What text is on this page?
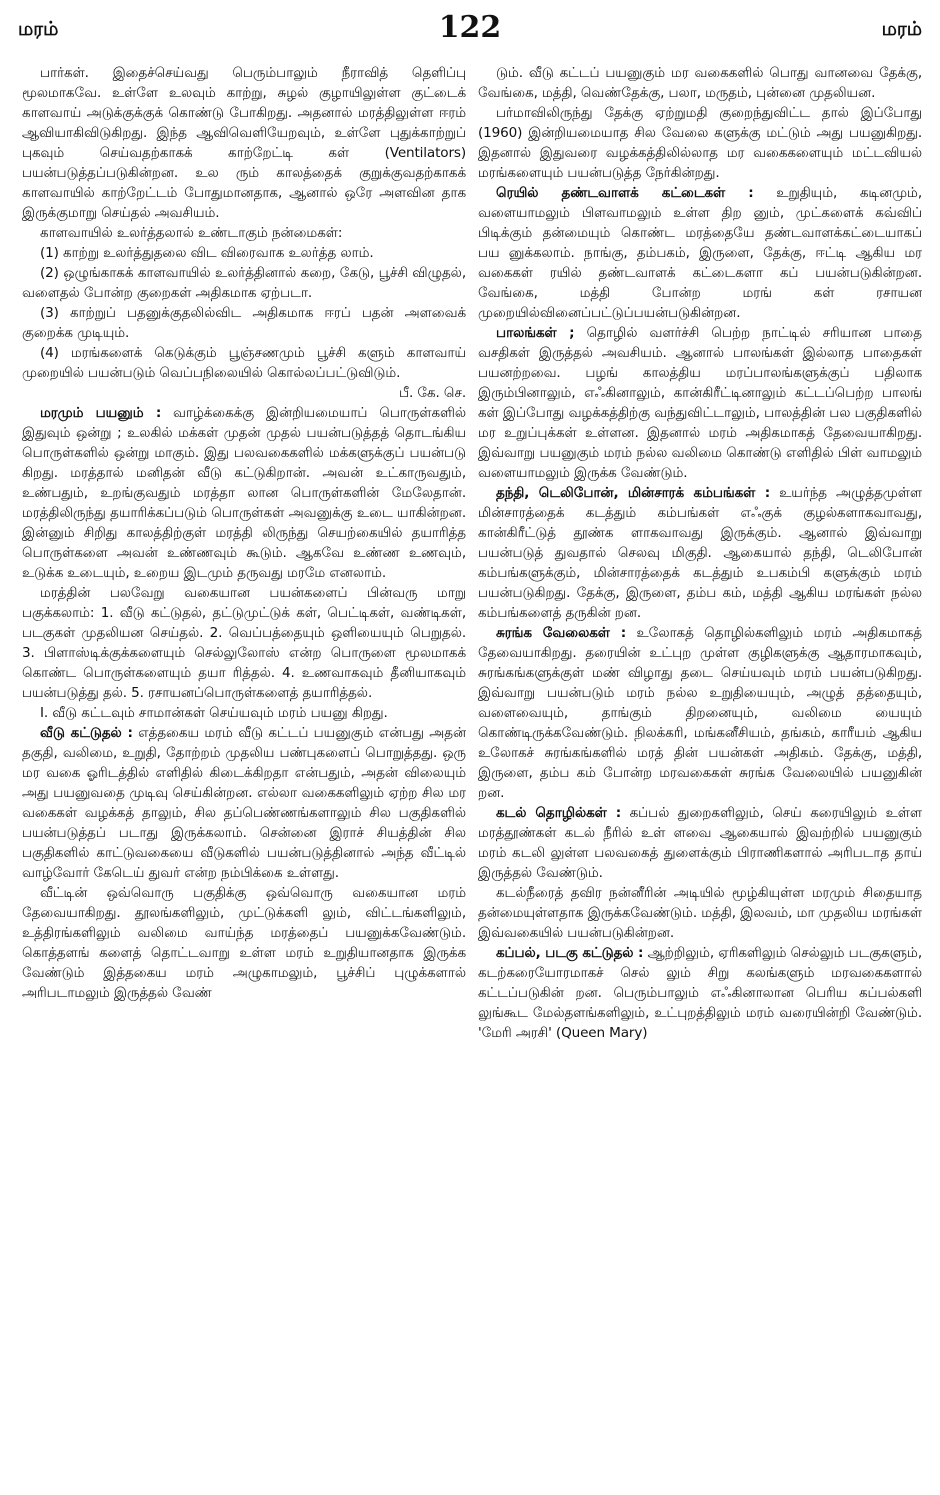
மரம்	122	மரம்

பார்கள். இதைச்செய்வது பெரும்பாலும் நீராவித் தெளிப்பு மூலமாகவே. உள்ளே உலவும் காற்று, சுழல் குழாயிலுள்ள குட்டைக் காளவாய் அடுக்குக்குக் கொண்டு போகிறது. அதனால் மரத்திலுள்ள ஈரம் ஆவியாகிவிடுகிறது. இந்த ஆவிவெளியேறவும், உள்ளே புதுக்காற்றுப் புகவும் செய்வதற்காகக் காற்றேட்டி கள் (Ventilators) பயன்படுத்தப்படுகின்றன. உல ரும் காலத்தைக் குறுக்குவதற்காகக் காளவாயில் காற்றேட்டம் போதுமானதாக, ஆனால் ஒரே அளவின தாக இருக்குமாறு செய்தல் அவசியம்.

காளவாயில் உலர்த்தலால் உண்டாகும் நன்மைகள்:

(1) காற்று உலர்த்துதலை விட விரைவாக உலர்த்த லாம்.

(2) ஒழுங்காகக் காளவாயில் உலர்த்தினால் கறை, கேடு, பூச்சி விழுதல், வளைதல் போன்ற குறைகள் அதிகமாக ஏற்படா.

(3) காற்றுப் பதனுக்குதலில்விட அதிகமாக ஈரப் பதன் அளவைக் குறைக்க முடியும்.

(4) மரங்களைக் கெடுக்கும் பூஞ்சணமும் பூச்சி களும் காளவாய் முறையில் பயன்படும் வெப்பநிலையில் கொல்லப்பட்டுவிடும்.

பீ. கே. செ.

மரமும் பயனும் : வாழ்க்கைக்கு இன்றியமையாப் பொருள்களில் இதுவும் ஒன்று ; உலகில் மக்கள் முதன் முதல் பயன்படுத்தத் தொடங்கிய பொருள்களில் ஒன்று மாகும். இது பலவகைகளில் மக்களுக்குப் பயன்படு கிறது. மரத்தால் மனிதன் வீடு கட்டுகிறான். அவன் உட்காருவதும், உண்பதும், உறங்குவதும் மரத்தா லான பொருள்களின் மேலேதான். மரத்திலிருந்து தயாரிக்கப்படும் பொருள்கள் அவனுக்கு உடை யாகின்றன. இன்னும் சிறிது காலத்திற்குள் மரத்தி லிருந்து செயற்கையில் தயாரித்த பொருள்களை அவன் உண்ணவும் கூடும். ஆகவே உண்ண உணவும், உடுக்க உடையும், உறைய இடமும் தருவது மரமே எனலாம்.

மரத்தின் பலவேறு வகையான பயன்களைப் பின்வரு மாறு பகுக்கலாம்: 1. வீடு கட்டுதல், தட்டுமுட்டுக் கள், பெட்டிகள், வண்டிகள், படகுகள் முதலியன செய்தல். 2. வெப்பத்தையும் ஒளியையும் பெறுதல். 3. பிளாஸ்டிக்குக்களையும் செல்லுலோஸ் என்ற பொருளை மூலமாகக் கொண்ட பொருள்களையும் தயா ரித்தல். 4. உணவாகவும் தீனியாகவும் பயன்படுத்து தல். 5. ரசாயனப்பொருள்களைத் தயாரித்தல்.

I. வீடு கட்டவும் சாமான்கள் செய்யவும் மரம் பயனு கிறது.

வீடு கட்டுதல் : எத்தகைய மரம் வீடு கட்டப் பயனுகும் என்பது அதன் தகுதி, வலிமை, உறுதி, தோற்றம் முதலிய பண்புகளைப் பொறுத்தது. ஒரு மர வகை ஓரிடத்தில் எளிதில் கிடைக்கிறதா என்பதும், அதன் விலையும் அது பயனுவதை முடிவு செய்கின்றன. எல்லா வகைகளிலும் ஏற்ற சில மர வகைகள் வழக்கத் தாலும், சில தப்பெண்ணங்களாலும் சில பகுதிகளில் பயன்படுத்தப் படாது இருக்கலாம். சென்னை இராச் சியத்தின் சில பகுதிகளில் காட்டுவகையை வீடுகளில் பயன்படுத்தினால் அந்த வீட்டில் வாழ்வோர் கேடெய் துவர் என்ற நம்பிக்கை உள்ளது.

வீட்டின் ஒவ்வொரு பகுதிக்கு ஒவ்வொரு வகையான மரம் தேவையாகிறது. தூலங்களிலும், முட்டுக்களி லும், விட்டங்களிலும், உத்திரங்களிலும் வலிமை வாய்ந்த மரத்தைப் பயனுக்கவேண்டும். கொத்தளங் களைத் தொட்டவாறு உள்ள மரம் உறுதியானதாக இருக்க வேண்டும் இத்தகைய மரம் அழுகாமலும், பூச்சிப் புழுக்களால் அரிபடாமலும் இருத்தல் வேண்

டும். வீடு கட்டப் பயனுகும் மர வகைகளில் பொது வானவை தேக்கு, வேங்கை, மத்தி, வெண்தேக்கு, பலா, மருதம், புன்னை முதலியன.

பர்மாவிலிருந்து தேக்கு ஏற்றுமதி குறைந்துவிட்ட தால் இப்போது (1960) இன்றியமையாத சில வேலை களுக்கு மட்டும் அது பயனுகிறது. இதனால் இதுவரை வழக்கத்திலில்லாத மர வகைகளையும் மட்டவியல் மரங்களையும் பயன்படுத்த நேர்கின்றது.

ரெயில் தண்டவாளக் கட்டைகள் : உறுதியும், கடினமும், வளையாமலும் பிளவாமலும் உள்ள திற னும், முட்களைக் கவ்விப் பிடிக்கும் தன்மையும் கொண்ட மரத்தையே தண்டவாளக்கட்டையாகப் பய னுக்கலாம். நாங்கு, தம்பகம், இருளை, தேக்கு, ஈட்டி ஆகிய மர வகைகள் ரயில் தண்டவாளக் கட்டைகளா கப் பயன்படுகின்றன. வேங்கை, மத்தி போன்ற மரங் கள் ரசாயன முறையில்வினைப்பட்டுப்பயன்படுகின்றன.

பாலங்கள் ; தொழில் வளர்ச்சி பெற்ற நாட்டில் சரியான பாதை வசதிகள் இருத்தல் அவசியம். ஆனால் பாலங்கள் இல்லாத பாதைகள் பயனற்றவை. பழங் காலத்திய மரப்பாலங்களுக்குப் பதிலாக இரும்பினாலும், எஃகினாலும், கான்கிரீட்டினாலும் கட்டப்பெற்ற பாலங் கள் இப்போது வழக்கத்திற்கு வந்துவிட்டாலும், பாலத்தின் பல பகுதிகளில் மர உறுப்புக்கள் உள்ளன. இதனால் மரம் அதிகமாகத் தேவையாகிறது. இவ்வாறு பயனுகும் மரம் நல்ல வலிமை கொண்டு எளிதில் பிள் வாமலும் வளையாமலும் இருக்க வேண்டும்.

தந்தி, டெலிபோன், மின்சாரக் கம்பங்கள் : உயர்ந்த அழுத்தமுள்ள மின்சாரத்தைக் கடத்தும் கம்பங்கள் எஃகுக் குழல்களாகவாவது, கான்கிரீட்டுத் தூண்க ளாகவாவது இருக்கும். ஆனால் இவ்வாறு பயன்படுத் துவதால் செலவு மிகுதி. ஆகையால் தந்தி, டெலிபோன் கம்பங்களுக்கும், மின்சாரத்தைக் கடத்தும் உபகம்பி களுக்கும் மரம் பயன்படுகிறது. தேக்கு, இருளை, தம்ப கம், மத்தி ஆகிய மரங்கள் நல்ல கம்பங்களைத் தருகின் றன.

சுரங்க வேலைகள் : உலோகத் தொழில்களிலும் மரம் அதிகமாகத் தேவையாகிறது. தரையின் உட்புற முள்ள குழிகளுக்கு ஆதாரமாகவும், சுரங்கங்களுக்குள் மண் விழாது தடை செய்யவும் மரம் பயன்படுகிறது. இவ்வாறு பயன்படும் மரம் நல்ல உறுதியையும், அழுத் தத்தையும், வளைவையும், தாங்கும் திறனையும், வலிமை யையும் கொண்டிருக்கவேண்டும். நிலக்கரி, மங்கனீசியம், தங்கம், காரீயம் ஆகிய உலோகச் சுரங்கங்களில் மரத் தின் பயன்கள் அதிகம். தேக்கு, மத்தி, இருளை, தம்ப கம் போன்ற மரவகைகள் சுரங்க வேலையில் பயனுகின் றன.

கடல் தொழில்கள் : கப்பல் துறைகளிலும், செய் கரையிலும் உள்ள மரத்தூண்கள் கடல் நீரில் உள் ளவை ஆகையால் இவற்றில் பயனுகும் மரம் கடலி லுள்ள பலவகைத் துளைக்கும் பிராணிகளால் அரிபடாத தாய் இருத்தல் வேண்டும்.

கடல்நீரைத் தவிர நன்னீரின் அடியில் மூழ்கியுள்ள மரமும் சிதையாத தன்மையுள்ளதாக இருக்கவேண்டும். மத்தி, இலவம், மா முதலிய மரங்கள் இவ்வகையில் பயன்படுகின்றன.

கப்பல், படகு கட்டுதல் : ஆற்றிலும், ஏரிகளிலும் செல்லும் படகுகளும், கடற்கரையோரமாகச் செல் லும் சிறு கலங்களும் மரவகைகளால் கட்டப்படுகின் றன. பெரும்பாலும் எஃகினாலான பெரிய கப்பல்களி லுங்கூட மேல்தளங்களிலும், உட்புறத்திலும் மரம் வரையின்றி வேண்டும். 'மேரி அரசி' (Queen Mary)
